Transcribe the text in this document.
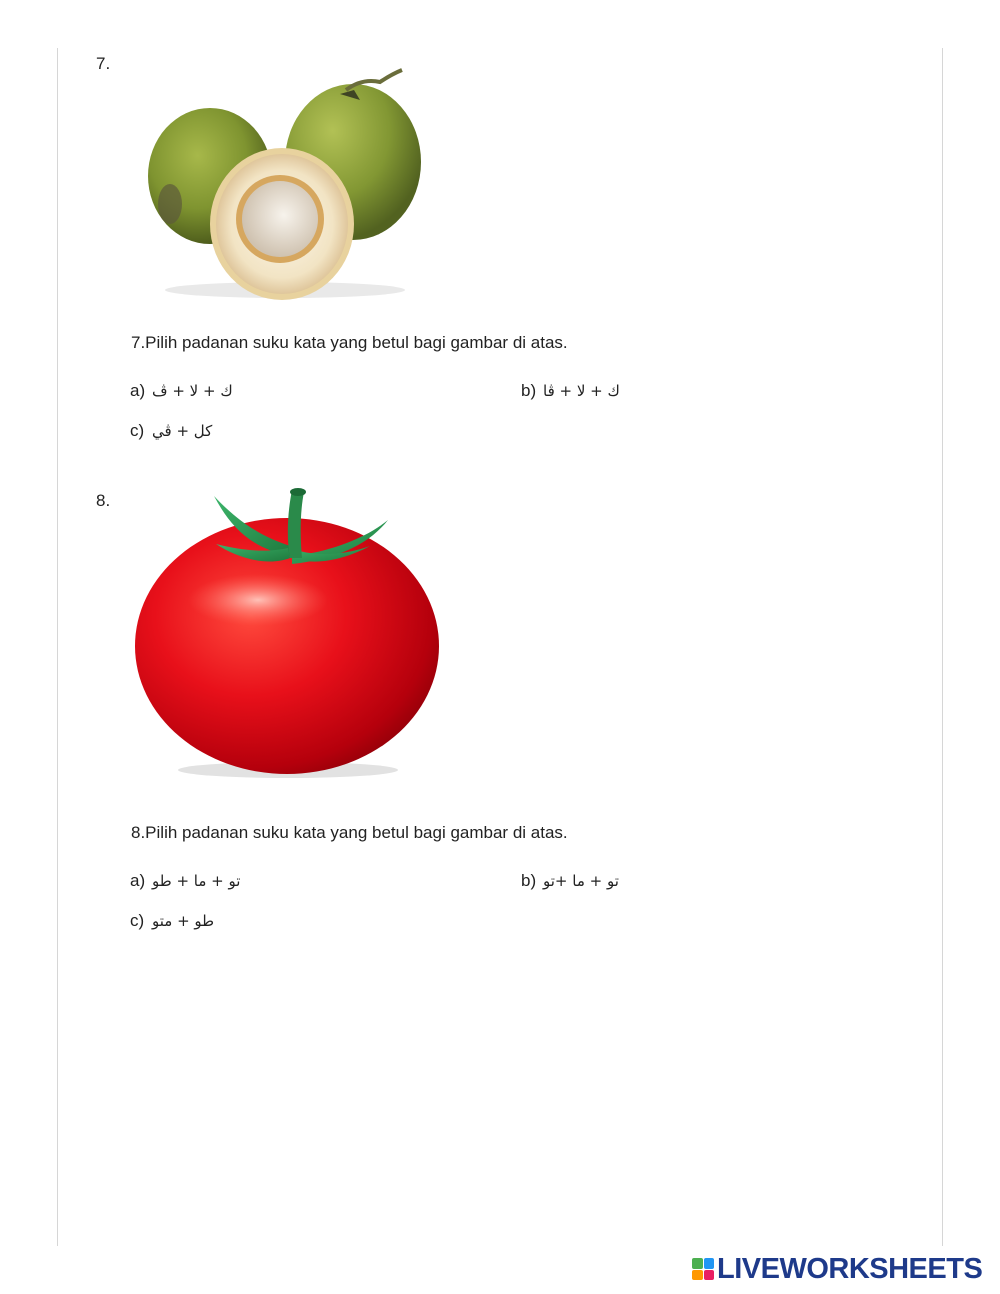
7.
7.Pilih padanan suku kata yang betul bagi gambar di atas.
a) ك + لا + ڤ	b) ك + لا + ڤا
c) كل + ڤي
8.
8.Pilih padanan suku kata yang betul bagi gambar di atas.
a) تو + ما + طو	b) تو + ما +تو
c) طو + متو
LIVEWORKSHEETS
